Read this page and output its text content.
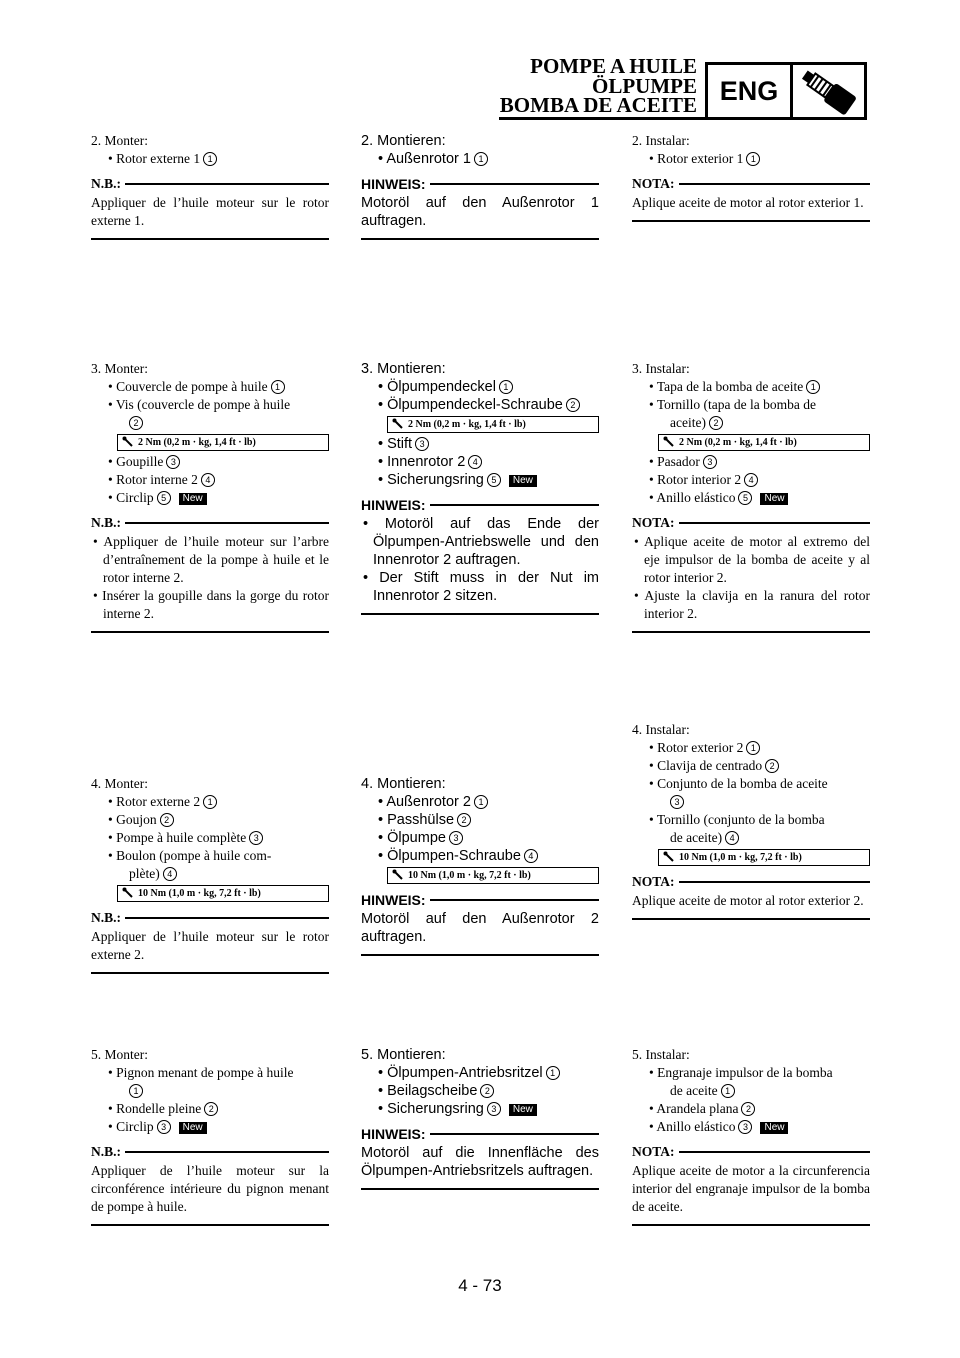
POMPE A HUILE
ÖLPUMPE
BOMBA DE ACEITE ENG
2. Monter:
• Rotor externe 1 1
N.B.:
Appliquer de l’huile moteur sur le rotor externe 1.
3. Monter:
• Couvercle de pompe à huile 1
• Vis (couvercle de pompe à huile
2
2 Nm (0,2 m · kg, 1,4 ft · lb)
• Goupille 3
• Rotor interne 2 4
• Circlip 5 New
N.B.:
• Appliquer de l’huile moteur sur l’arbre d’entraînement de la pompe à huile et le rotor interne 2.
• Insérer la goupille dans la gorge du rotor interne 2.
4. Monter:
• Rotor externe 2 1
• Goujon 2
• Pompe à huile complète 3
• Boulon (pompe à huile com-
plète) 4
10 Nm (1,0 m · kg, 7,2 ft · lb)
N.B.:
Appliquer de l’huile moteur sur le rotor externe 2.
5. Monter:
• Pignon menant de pompe à huile
1
• Rondelle pleine 2
• Circlip 3 New
N.B.:
Appliquer de l’huile moteur sur la circonférence intérieure du pignon menant de pompe à huile.
2. Montieren:
• Außenrotor 1 1
HINWEIS:
Motoröl auf den Außenrotor 1 auftragen.
3. Montieren:
• Ölpumpendeckel 1
• Ölpumpendeckel-Schraube 2
2 Nm (0,2 m · kg, 1,4 ft · lb)
• Stift 3
• Innenrotor 2 4
• Sicherungsring 5 New
HINWEIS:
• Motoröl auf das Ende der Ölpumpen-Antriebswelle und den Innenrotor 2 auftragen.
• Der Stift muss in der Nut im Innenrotor 2 sitzen.
4. Montieren:
• Außenrotor 2 1
• Passhülse 2
• Ölpumpe 3
• Ölpumpen-Schraube 4
10 Nm (1,0 m · kg, 7,2 ft · lb)
HINWEIS:
Motoröl auf den Außenrotor 2 auftragen.
5. Montieren:
• Ölpumpen-Antriebsritzel 1
• Beilagscheibe 2
• Sicherungsring 3 New
HINWEIS:
Motoröl auf die Innenfläche des Ölpumpen-Antriebsritzels auftragen.
2. Instalar:
• Rotor exterior 1 1
NOTA:
Aplique aceite de motor al rotor exterior 1.
3. Instalar:
• Tapa de la bomba de aceite 1
• Tornillo (tapa de la bomba de
aceite) 2
2 Nm (0,2 m · kg, 1,4 ft · lb)
• Pasador 3
• Rotor interior 2 4
• Anillo elástico 5 New
NOTA:
• Aplique aceite de motor al extremo del eje impulsor de la bomba de aceite y al rotor interior 2.
• Ajuste la clavija en la ranura del rotor interior 2.
4. Instalar:
• Rotor exterior 2 1
• Clavija de centrado 2
• Conjunto de la bomba de aceite
3
• Tornillo (conjunto de la bomba
de aceite) 4
10 Nm (1,0 m · kg, 7,2 ft · lb)
NOTA:
Aplique aceite de motor al rotor exterior 2.
5. Instalar:
• Engranaje impulsor de la bomba
de aceite 1
• Arandela plana 2
• Anillo elástico 3 New
NOTA:
Aplique aceite de motor a la circunferencia interior del engranaje impulsor de la bomba de aceite.
4 - 73
